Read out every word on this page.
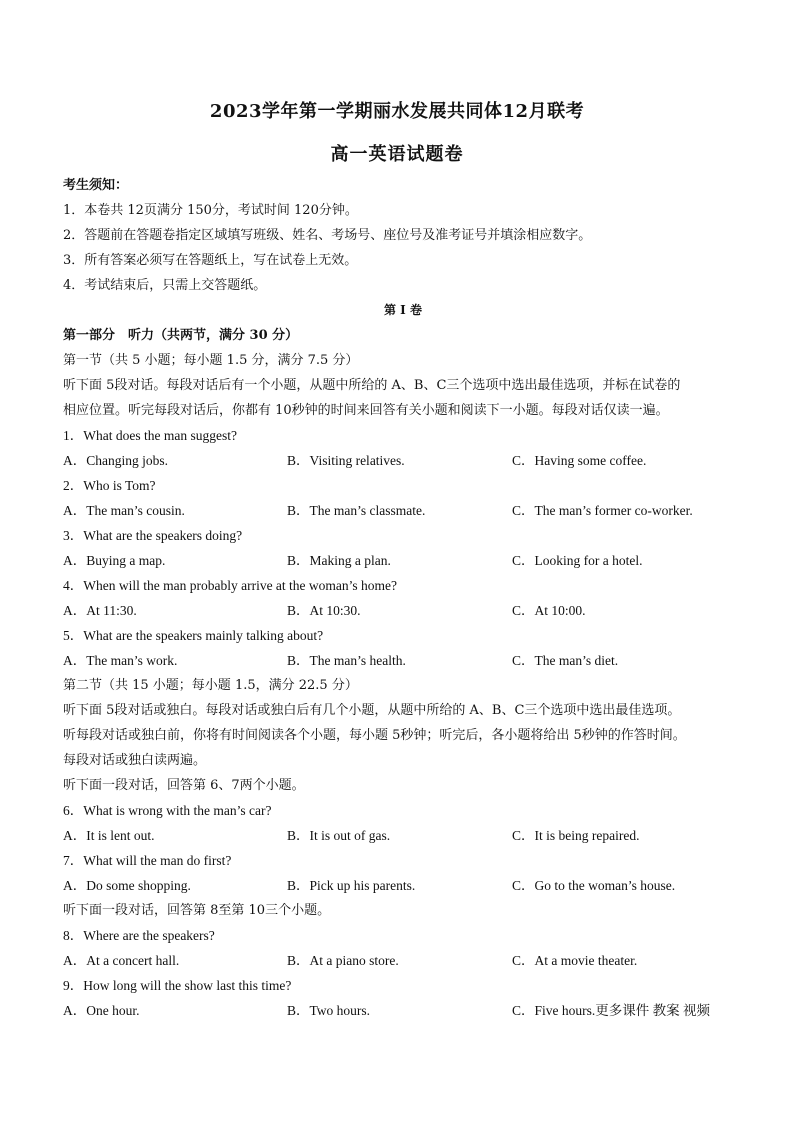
2023学年第一学期丽水发展共同体12月联考
高一英语试题卷
考生须知：
1．本卷共 12页满分 150分，考试时间 120分钟。
2．答题前在答题卷指定区域填写班级、姓名、考场号、座位号及准考证号并填涂相应数字。
3．所有答案必须写在答题纸上，写在试卷上无效。
4．考试结束后，只需上交答题纸。
第 I 卷
第一部分　听力（共两节，满分 30 分）
第一节（共 5 小题；每小题 1.5 分，满分 7.5 分）
听下面 5段对话。每段对话后有一个小题，从题中所给的 A、B、C三个选项中选出最佳选项，并标在试卷的
相应位置。听完每段对话后，你都有 10秒钟的时间来回答有关小题和阅读下一小题。每段对话仅读一遍。
1．What does the man suggest?
A．Changing jobs.	B．Visiting relatives.	C．Having some coffee.
2．Who is Tom?
A．The man’s cousin.	B．The man’s classmate.	C．The man’s former co-worker.
3．What are the speakers doing?
A．Buying a map.	B．Making a plan.	C．Looking for a hotel.
4．When will the man probably arrive at the woman’s home?
A．At 11:30.	B．At 10:30.	C．At 10:00.
5．What are the speakers mainly talking about?
A．The man’s work.	B．The man’s health.	C．The man’s diet.
第二节（共 15 小题；每小题 1.5，满分 22.5 分）
听下面 5段对话或独白。每段对话或独白后有几个小题，从题中所给的 A、B、C三个选项中选出最佳选项。
听每段对话或独白前，你将有时间阅读各个小题，每小题 5秒钟；听完后，各小题将给出 5秒钟的作答时间。
每段对话或独白读两遍。
听下面一段对话，回答第 6、7两个小题。
6．What is wrong with the man’s car?
A．It is lent out.	B．It is out of gas.	C．It is being repaired.
7．What will the man do first?
A．Do some shopping.	B．Pick up his parents.	C．Go to the woman’s house.
听下面一段对话，回答第 8至第 10三个小题。
8．Where are the speakers?
A．At a concert hall.	B．At a piano store.	C．At a movie theater.
9．How long will the show last this time?
A．One hour.	B．Two hours.	C．Five hours.更多课件 教案 视频
